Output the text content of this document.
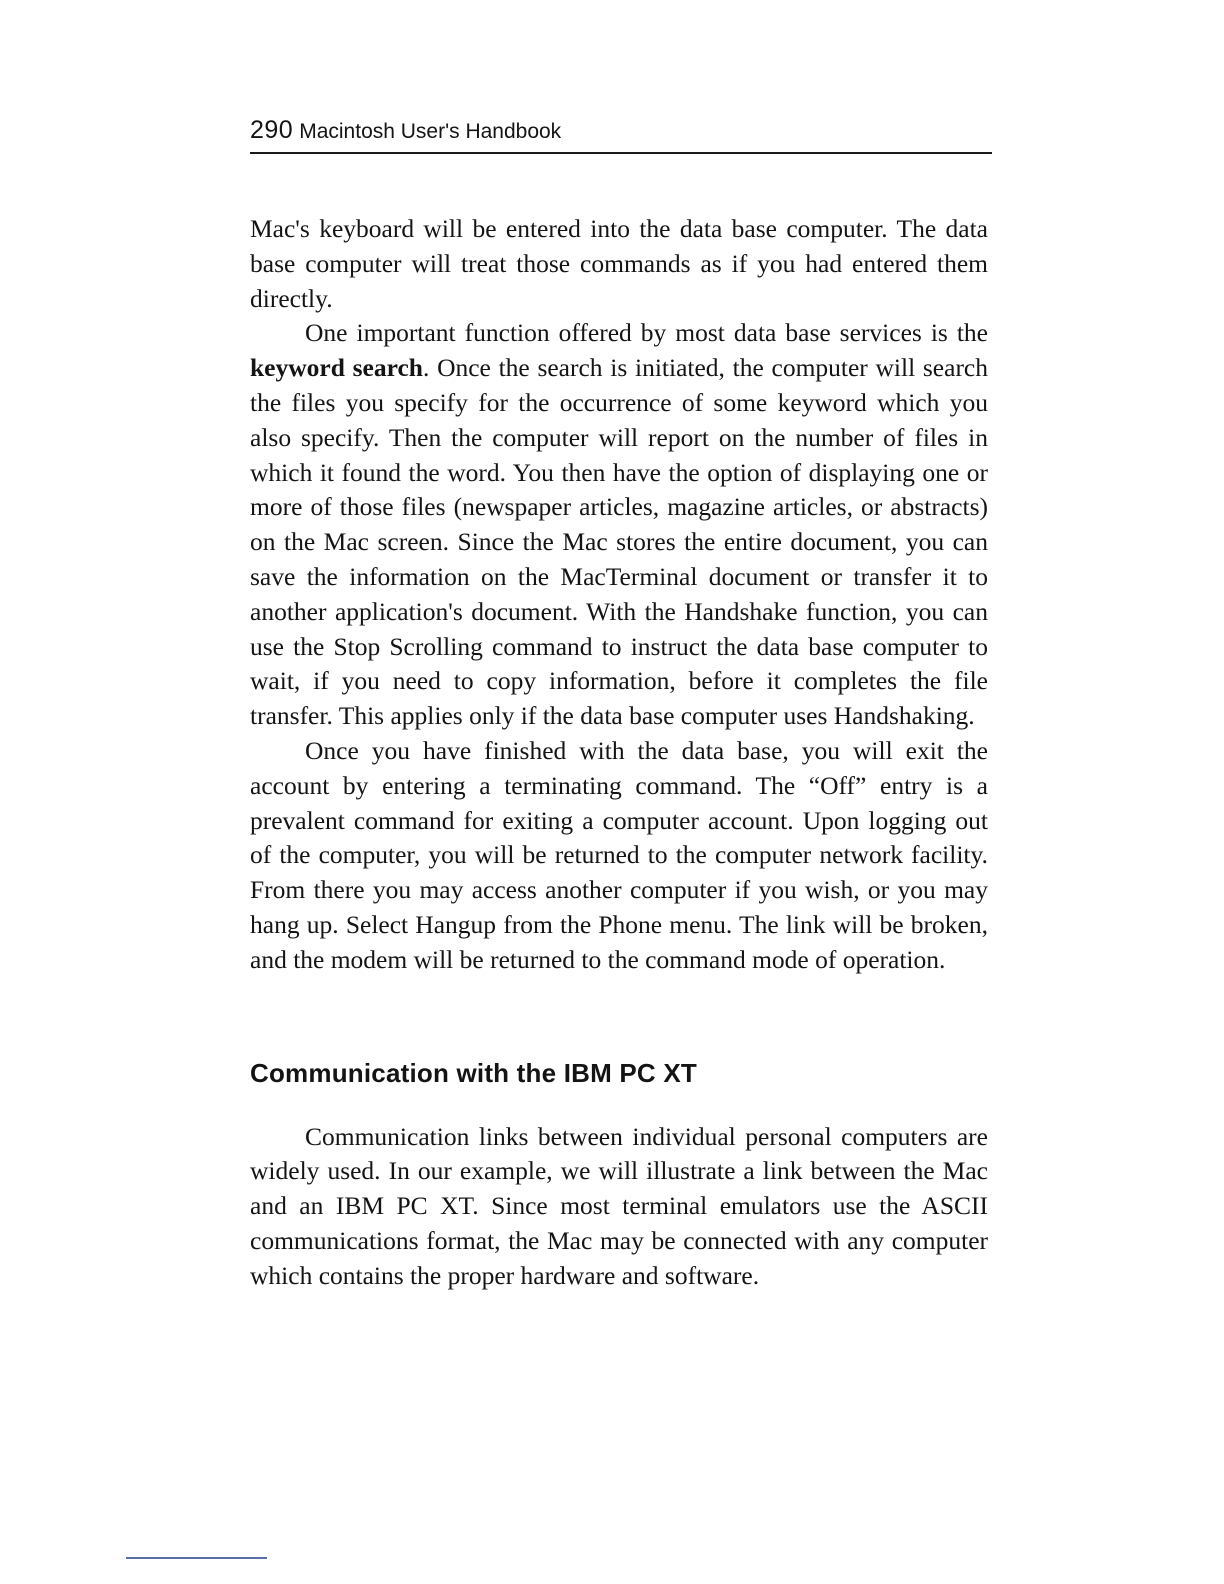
290 Macintosh User's Handbook

Mac's keyboard will be entered into the data base computer. The data base computer will treat those commands as if you had entered them directly.

One important function offered by most data base services is the keyword search. Once the search is initiated, the computer will search the files you specify for the occurrence of some keyword which you also specify. Then the computer will report on the number of files in which it found the word. You then have the option of displaying one or more of those files (newspaper articles, magazine articles, or abstracts) on the Mac screen. Since the Mac stores the entire document, you can save the information on the MacTerminal document or transfer it to another application's document. With the Handshake function, you can use the Stop Scrolling command to instruct the data base computer to wait, if you need to copy information, before it completes the file transfer. This applies only if the data base computer uses Handshaking.

Once you have finished with the data base, you will exit the account by entering a terminating command. The “Off” entry is a prevalent command for exiting a computer account. Upon logging out of the computer, you will be returned to the computer network facility. From there you may access another computer if you wish, or you may hang up. Select Hangup from the Phone menu. The link will be broken, and the modem will be returned to the command mode of operation.

Communication with the IBM PC XT

Communication links between individual personal computers are widely used. In our example, we will illustrate a link between the Mac and an IBM PC XT. Since most terminal emulators use the ASCII communications format, the Mac may be connected with any computer which contains the proper hardware and software.
